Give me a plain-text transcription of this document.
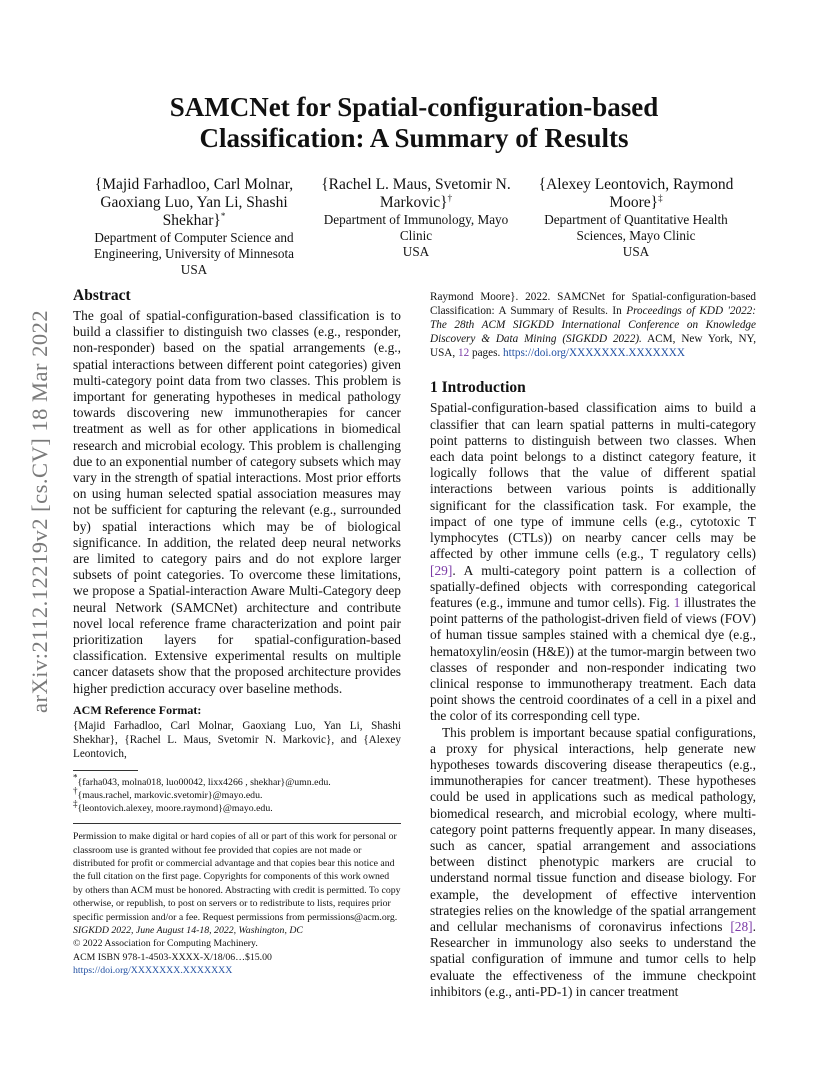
arXiv:2112.12219v2 [cs.CV] 18 Mar 2022
SAMCNet for Spatial-configuration-based
Classification: A Summary of Results
{Majid Farhadloo, Carl Molnar, Gaoxiang Luo, Yan Li, Shashi Shekhar}*
Department of Computer Science and Engineering, University of Minnesota
USA
{Rachel L. Maus, Svetomir N. Markovic}†
Department of Immunology, Mayo Clinic
USA
{Alexey Leontovich, Raymond Moore}‡
Department of Quantitative Health Sciences, Mayo Clinic
USA
Abstract

The goal of spatial-configuration-based classification is to build a classifier to distinguish two classes (e.g., responder, non-responder) based on the spatial arrangements (e.g., spatial interactions between different point categories) given multi-category point data from two classes. This problem is important for generating hypotheses in medical pathology towards discovering new immunotherapies for cancer treatment as well as for other applications in biomedical research and microbial ecology. This problem is challenging due to an exponential number of category subsets which may vary in the strength of spatial interactions. Most prior efforts on using human selected spatial association measures may not be sufficient for capturing the relevant (e.g., surrounded by) spatial interactions which may be of biological significance. In addition, the related deep neural networks are limited to category pairs and do not explore larger subsets of point categories. To overcome these limitations, we propose a Spatial-interaction Aware Multi-Category deep neural Network (SAMCNet) architecture and contribute novel local reference frame characterization and point pair prioritization layers for spatial-configuration-based classification. Extensive experimental results on multiple cancer datasets show that the proposed architecture provides higher prediction accuracy over baseline methods.

ACM Reference Format:

{Majid Farhadloo, Carl Molnar, Gaoxiang Luo, Yan Li, Shashi Shekhar}, {Rachel L. Maus, Svetomir N. Markovic}, and {Alexey Leontovich,

*{farha043, molna018, luo00042, lixx4266 , shekhar}@umn.edu.

†{maus.rachel, markovic.svetomir}@mayo.edu.

‡{leontovich.alexey, moore.raymond}@mayo.edu.

Permission to make digital or hard copies of all or part of this work for personal or classroom use is granted without fee provided that copies are not made or distributed for profit or commercial advantage and that copies bear this notice and the full citation on the first page. Copyrights for components of this work owned by others than ACM must be honored. Abstracting with credit is permitted. To copy otherwise, or republish, to post on servers or to redistribute to lists, requires prior specific permission and/or a fee. Request permissions from permissions@acm.org.

SIGKDD 2022, June August 14-18, 2022, Washington, DC

© 2022 Association for Computing Machinery.

ACM ISBN 978-1-4503-XXXX-X/18/06…$15.00

https://doi.org/XXXXXXX.XXXXXXX

Raymond Moore}. 2022. SAMCNet for Spatial-configuration-based Classification: A Summary of Results. In Proceedings of KDD '2022: The 28th ACM SIGKDD International Conference on Knowledge Discovery & Data Mining (SIGKDD 2022). ACM, New York, NY, USA, 12 pages. https://doi.org/XXXXXXX.XXXXXXX

1 Introduction

Spatial-configuration-based classification aims to build a classifier that can learn spatial patterns in multi-category point patterns to distinguish between two classes. When each data point belongs to a distinct category feature, it logically follows that the value of different spatial interactions between various points is additionally significant for the classification task. For example, the impact of one type of immune cells (e.g., cytotoxic T lymphocytes (CTLs)) on nearby cancer cells may be affected by other immune cells (e.g., T regulatory cells) [29]. A multi-category point pattern is a collection of spatially-defined objects with corresponding categorical features (e.g., immune and tumor cells). Fig. 1 illustrates the point patterns of the pathologist-driven field of views (FOV) of human tissue samples stained with a chemical dye (e.g., hematoxylin/eosin (H&E)) at the tumor-margin between two classes of responder and non-responder indicating two clinical response to immunotherapy treatment. Each data point shows the centroid coordinates of a cell in a pixel and the color of its corresponding cell type.

This problem is important because spatial configurations, a proxy for physical interactions, help generate new hypotheses towards discovering disease therapeutics (e.g., immunotherapies for cancer treatment). These hypotheses could be used in applications such as medical pathology, biomedical research, and microbial ecology, where multi-category point patterns frequently appear. In many diseases, such as cancer, spatial arrangement and associations between distinct phenotypic markers are crucial to understand normal tissue function and disease biology. For example, the development of effective intervention strategies relies on the knowledge of the spatial arrangement and cellular mechanisms of coronavirus infections [28]. Researcher in immunology also seeks to understand the spatial configuration of immune and tumor cells to help evaluate the effectiveness of the immune checkpoint inhibitors (e.g., anti-PD-1) in cancer treatment
